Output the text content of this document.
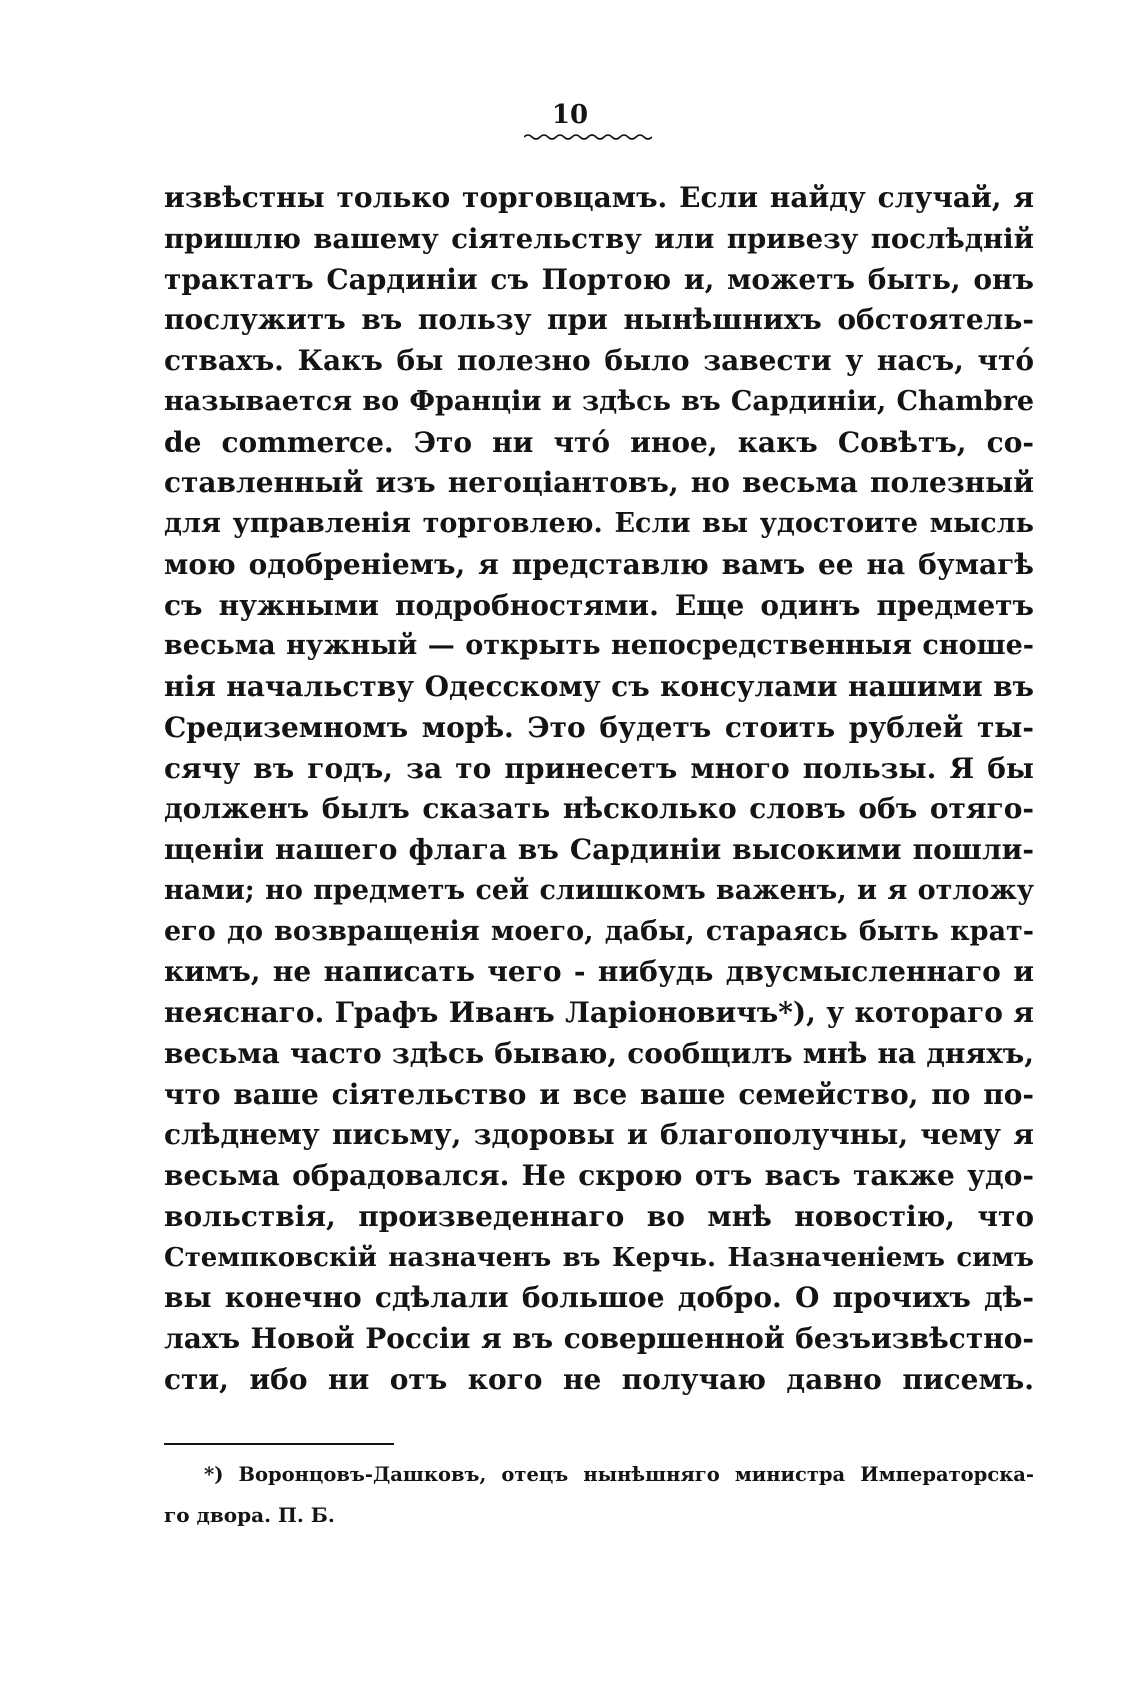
10
извѣстны только торговцамъ. Если найду случай, я
пришлю вашему сіятельству или привезу послѣдній
трактатъ Сардиніи съ Портою и, можетъ быть, онъ
послужитъ въ пользу при нынѣшнихъ обстоятель-
ствахъ. Какъ бы полезно было завести у насъ, что́
называется во Франціи и здѣсь въ Сардиніи, Chambre
de commerce. Это ни что́ иное, какъ Совѣтъ, со-
ставленный изъ негоціантовъ, но весьма полезный
для управленія торговлею. Если вы удостоите мысль
мою одобреніемъ, я представлю вамъ ее на бумагѣ
съ нужными подробностями. Еще одинъ предметъ
весьма нужный — открыть непосредственныя сноше-
нія начальству Одесскому съ консулами нашими въ
Средиземномъ морѣ. Это будетъ стоить рублей ты-
сячу въ годъ, за то принесетъ много пользы. Я бы
долженъ былъ сказать нѣсколько словъ объ отяго-
щеніи нашего флага въ Сардиніи высокими пошли-
нами; но предметъ сей слишкомъ важенъ, и я отложу
его до возвращенія моего, дабы, стараясь быть крат-
кимъ, не написать чего - нибудь двусмысленнаго и
неяснаго. Графъ Иванъ Ларіоновичъ*), у котораго я
весьма часто здѣсь бываю, сообщилъ мнѣ на дняхъ,
что ваше сіятельство и все ваше семейство, по по-
слѣднему письму, здоровы и благополучны, чему я
весьма обрадовался. Не скрою отъ васъ также удо-
вольствія, произведеннаго во мнѣ новостію, что
Стемпковскій назначенъ въ Керчь. Назначеніемъ симъ
вы конечно сдѣлали большое добро. О прочихъ дѣ-
лахъ Новой Россіи я въ совершенной безъизвѣстно-
сти, ибо ни отъ кого не получаю давно писемъ.
*) Воронцовъ-Дашковъ, отецъ нынѣшняго министра Императорска-
го двора. П. Б.
